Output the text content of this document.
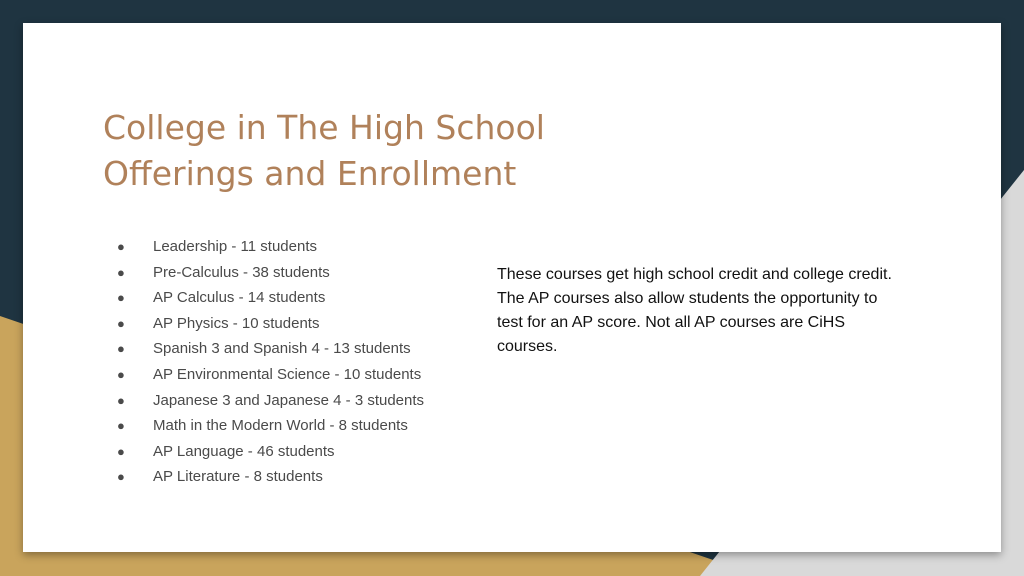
College in The High School
Offerings and Enrollment
● Leadership - 11 students
● Pre-Calculus - 38 students
● AP Calculus - 14 students
● AP Physics - 10 students
● Spanish 3 and Spanish 4 - 13 students
● AP Environmental Science - 10 students
● Japanese 3 and Japanese 4 - 3 students
● Math in the Modern World - 8 students
● AP Language - 46 students
● AP Literature - 8 students

These courses get high school credit and college credit. The AP courses also allow students the opportunity to test for an AP score. Not all AP courses are CiHS courses.
